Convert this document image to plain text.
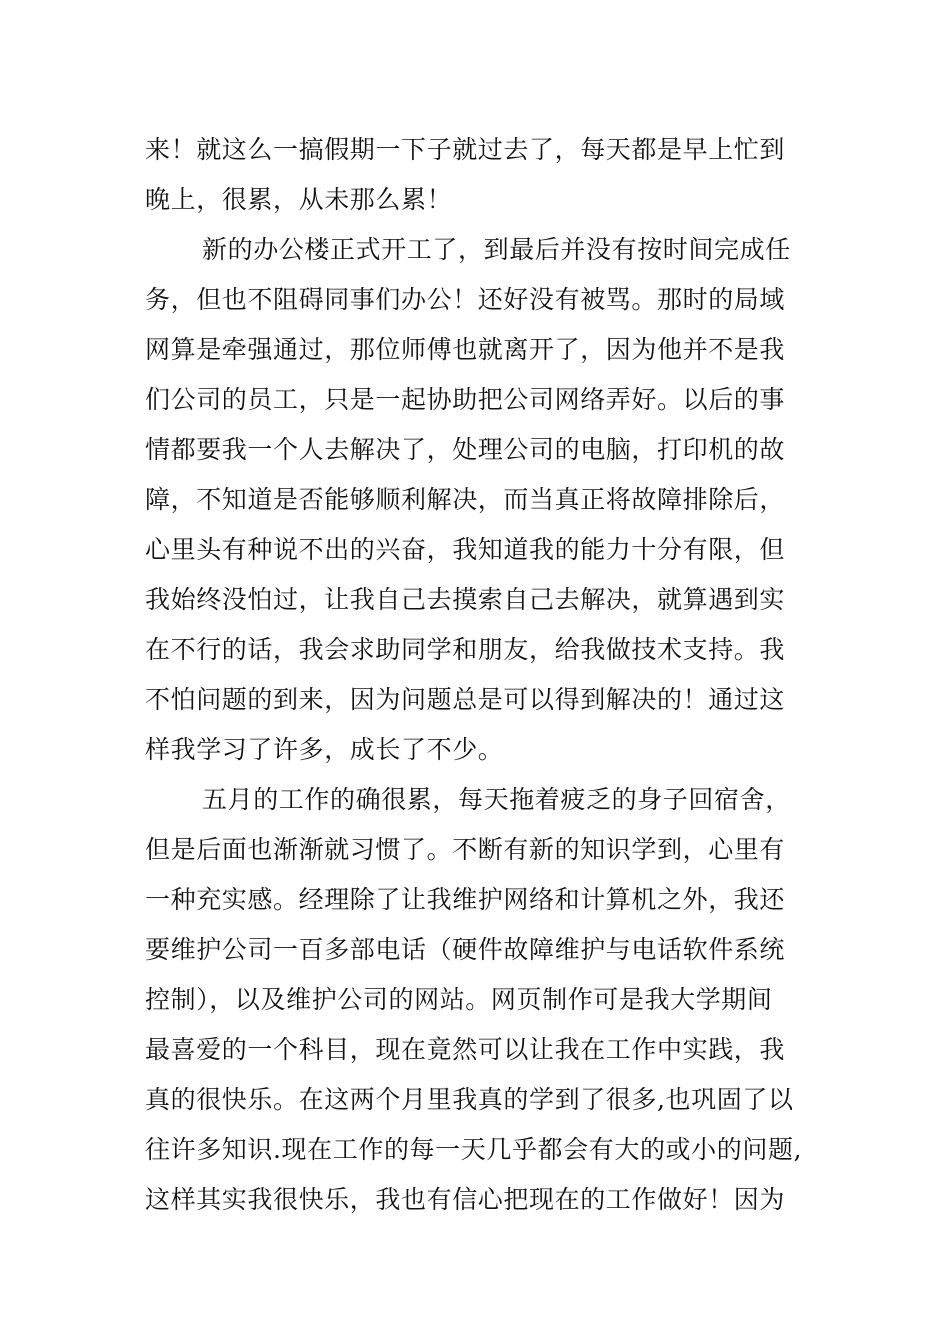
来！就这么一搞假期一下子就过去了，每天都是早上忙到
晚上，很累，从未那么累！
新的办公楼正式开工了，到最后并没有按时间完成任
务，但也不阻碍同事们办公！还好没有被骂。那时的局域
网算是牵强通过，那位师傅也就离开了，因为他并不是我
们公司的员工，只是一起协助把公司网络弄好。以后的事
情都要我一个人去解决了，处理公司的电脑，打印机的故
障，不知道是否能够顺利解决，而当真正将故障排除后，
心里头有种说不出的兴奋，我知道我的能力十分有限，但
我始终没怕过，让我自己去摸索自己去解决，就算遇到实
在不行的话，我会求助同学和朋友，给我做技术支持。我
不怕问题的到来，因为问题总是可以得到解决的！通过这
样我学习了许多，成长了不少。
五月的工作的确很累，每天拖着疲乏的身子回宿舍，
但是后面也渐渐就习惯了。不断有新的知识学到，心里有
一种充实感。经理除了让我维护网络和计算机之外，我还
要维护公司一百多部电话（硬件故障维护与电话软件系统
控制），以及维护公司的网站。网页制作可是我大学期间
最喜爱的一个科目，现在竟然可以让我在工作中实践，我
真的很快乐。在这两个月里我真的学到了很多,也巩固了以
往许多知识.现在工作的每一天几乎都会有大的或小的问题,
这样其实我很快乐，我也有信心把现在的工作做好！因为
